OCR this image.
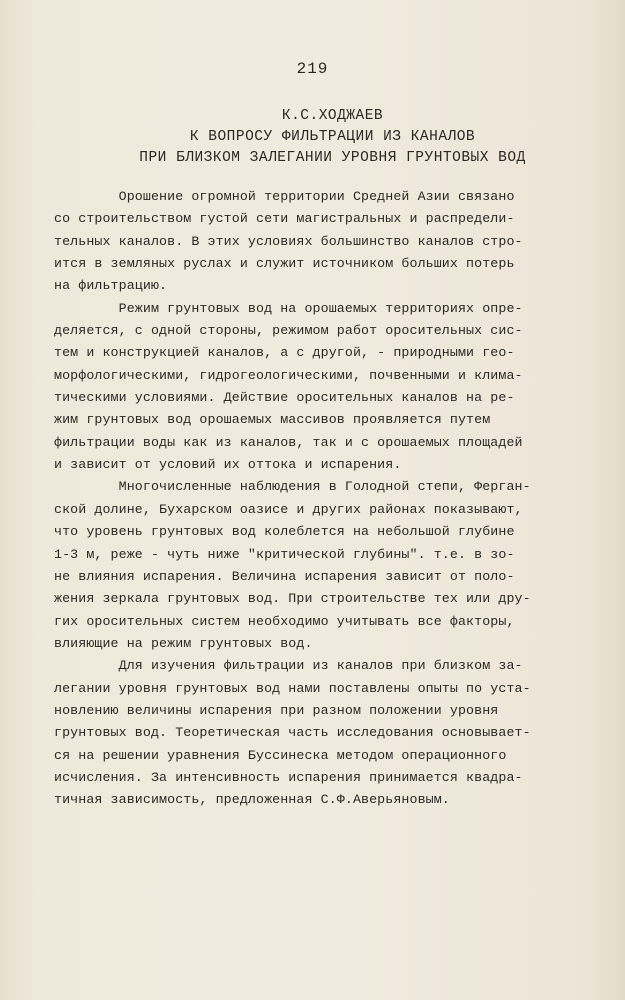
219
К.С.ХОДЖАЕВ
К ВОПРОСУ ФИЛЬТРАЦИИ ИЗ КАНАЛОВ
ПРИ БЛИЗКОМ ЗАЛЕГАНИИ УРОВНЯ ГРУНТОВЫХ ВОД
Орошение огромной территории Средней Азии связано
со строительством густой сети магистральных и распредели-
тельных каналов. В этих условиях большинство каналов стро-
ится в земляных руслах и служит источником больших потерь
на фильтрацию.
Режим грунтовых вод на орошаемых территориях опре-
деляется, с одной стороны, режимом работ оросительных сис-
тем и конструкцией каналов, а с другой, - природными гео-
морфологическими, гидрогеологическими, почвенными и клима-
тическими условиями. Действие оросительных каналов на ре-
жим грунтовых вод орошаемых массивов проявляется путем
фильтрации воды как из каналов, так и с орошаемых площадей
и зависит от условий их оттока и испарения.
Многочисленные наблюдения в Голодной степи, Ферган-
ской долине, Бухарском оазисе и других районах показывают,
что уровень грунтовых вод колеблется на небольшой глубине
1-3 м, реже - чуть ниже "критической глубины". т.е. в зо-
не влияния испарения. Величина испарения зависит от поло-
жения зеркала грунтовых вод. При строительстве тех или дру-
гих оросительных систем необходимо учитывать все факторы,
влияющие на режим грунтовых вод.
Для изучения фильтрации из каналов при близком за-
легании уровня грунтовых вод нами поставлены опыты по уста-
новлению величины испарения при разном положении уровня
грунтовых вод. Теоретическая часть исследования основывает-
ся на решении уравнения Буссинеска методом операционного
исчисления. За интенсивность испарения принимается квадра-
тичная зависимость, предложенная С.Ф.Аверьяновым.
